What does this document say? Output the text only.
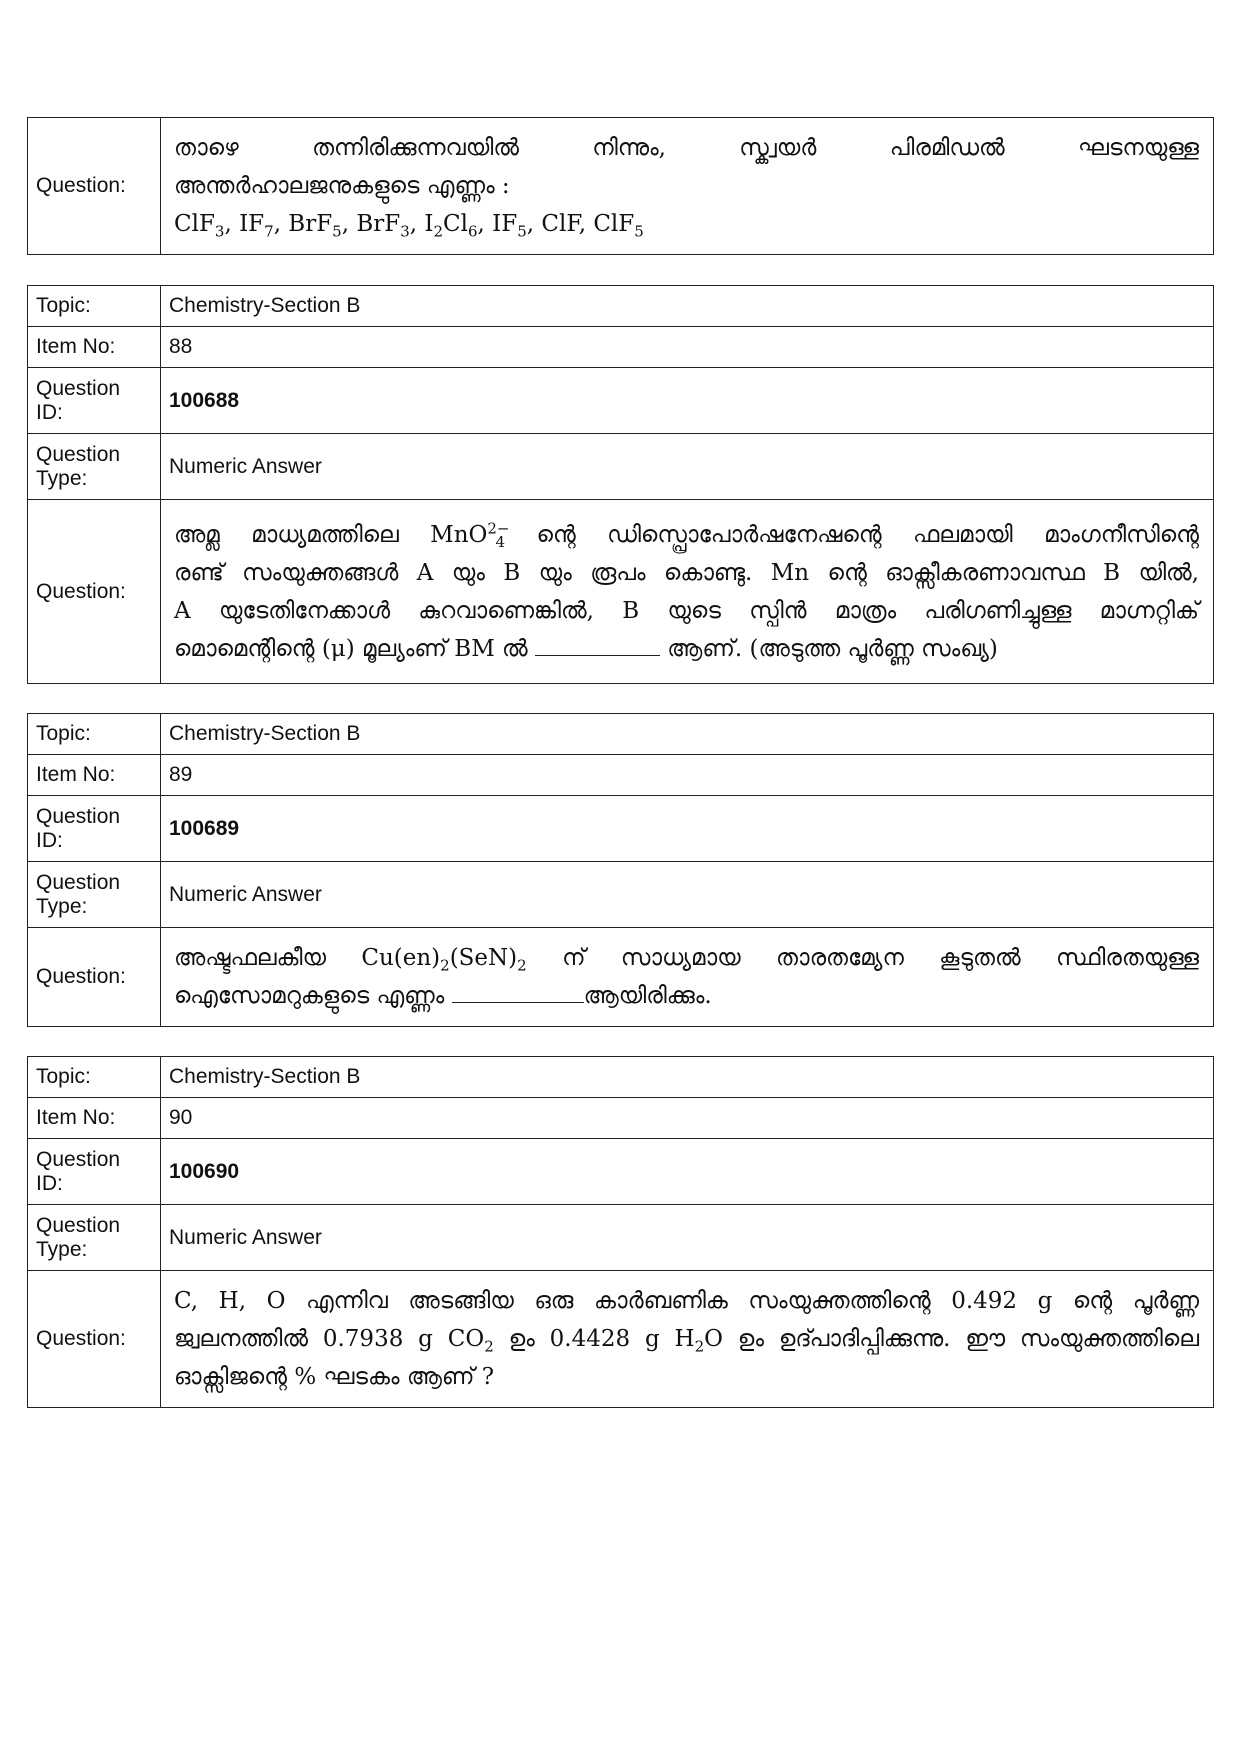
Question:	
താഴെ തന്നിരിക്കുന്നവയിൽ നിന്നും, സ്ക്വയർ പിരമിഡൽ ഘടനയുള്ള
അന്തർഹാലജനുകളുടെ എണ്ണം :
ClF$_3$, $IF_7$, BrF$_5$, BrF$_3$, $I_2Cl_6$, $IF_5$, ClF, ClF$_5$
Topic:	Chemistry-Section B
Item No:	88
Question ID:	100688
Question Type:	Numeric Answer
Question:	അമ്ല മാധ്യമത്തിലെ MnO$^{2-}_4$ ന്റെ ഡിസ്പ്രൊപോർഷനേഷന്റെ ഫലമായി മാംഗനീസിന്റെ
രണ്ട് സംയുക്തങ്ങൾ A യും B യും രൂപം കൊണ്ടു. Mn ന്റെ ഓക്സീകരണാവസ്ഥ B യിൽ,
A യുടേതിനേക്കാൾ കുറവാണെങ്കിൽ, B യുടെ സ്പിൻ മാത്രം പരിഗണിച്ചുള്ള മാഗ്നറ്റിക്
മൊമെന്റിന്റെ (μ) മൂല്യംണ് BM ൽ ആണ്. (അടുത്ത പൂർണ്ണ സംഖ്യ)
Topic:	Chemistry-Section B
Item No:	89
Question ID:	100689
Question Type:	Numeric Answer
Question:	അഷ്ടഫലകീയ $Cu(en)_2(SeN)_2$ ന് സാധ്യമായ താരതമ്യേന കൂടുതൽ സ്ഥിരതയുള്ള
ഐസോമറുകളുടെ എണ്ണം ആയിരിക്കും.
Topic:	Chemistry-Section B
Item No:	90
Question ID:	100690
Question Type:	Numeric Answer
Question:	C, H, O എന്നിവ അടങ്ങിയ ഒരു കാർബണിക സംയുക്തത്തിന്റെ 0.492 g ന്റെ പൂർണ്ണ
ജ്വലനത്തിൽ 0.7938 g $CO_2$ ഉം 0.4428 g $H_2O$ ഉം ഉദ്പാദിപ്പിക്കുന്നു. ഈ സംയുക്തത്തിലെ
ഓക്സിജന്റെ % ഘടകം ആണ് ?
